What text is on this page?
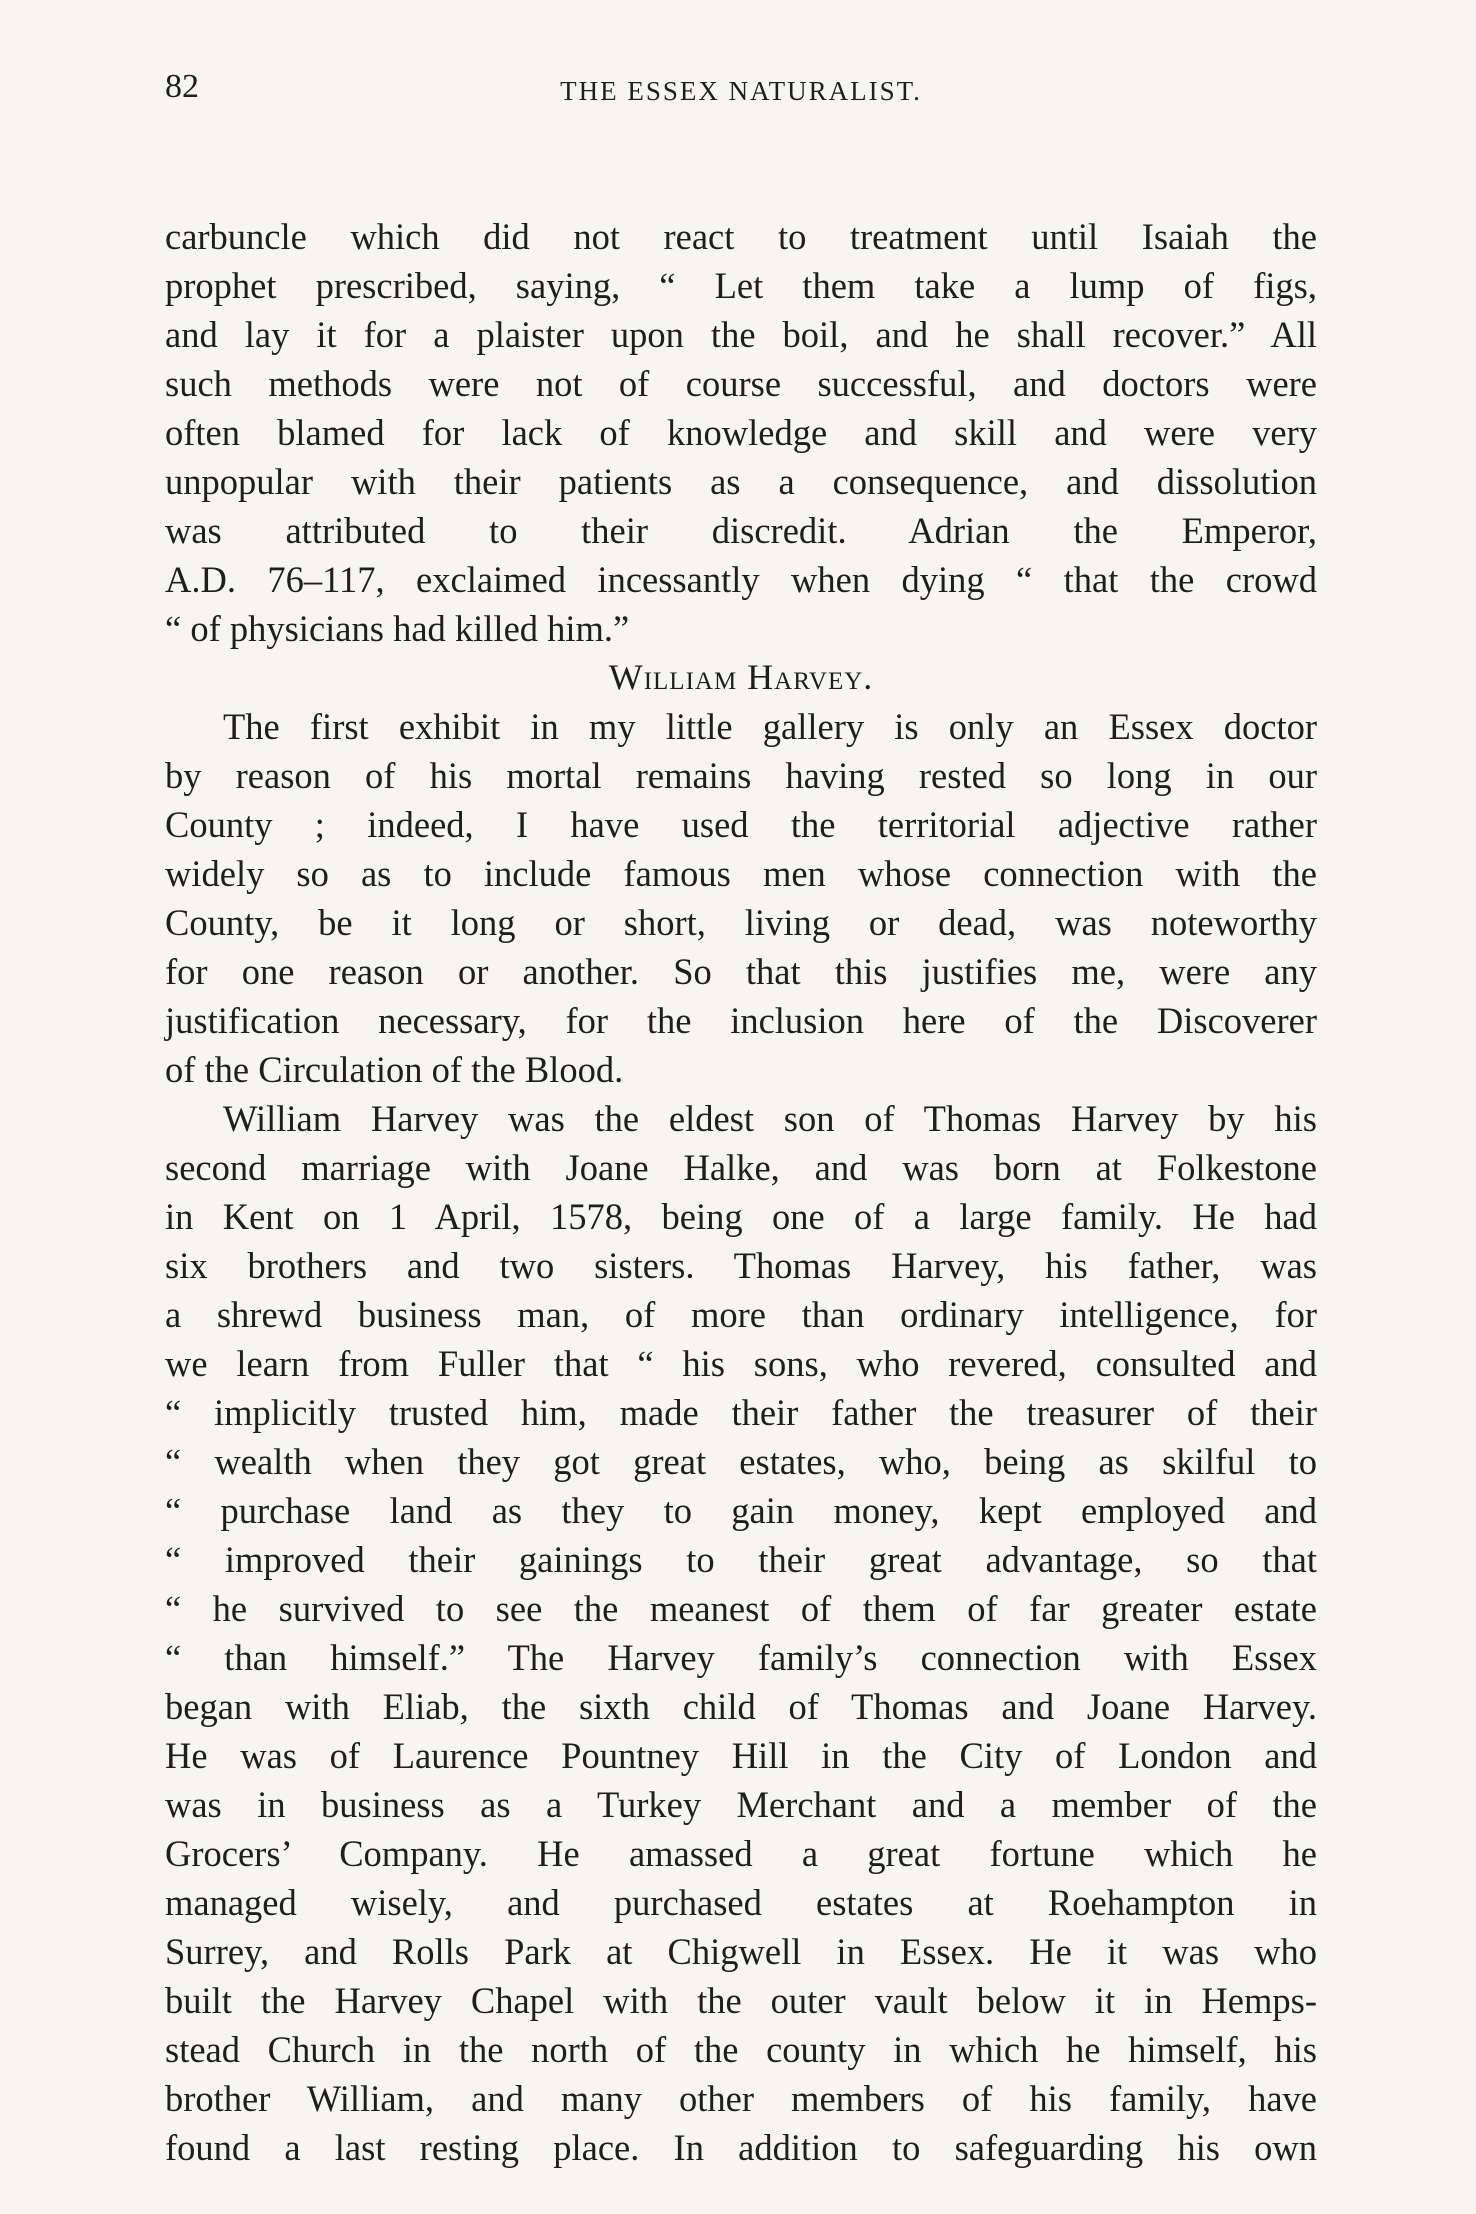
82	THE ESSEX NATURALIST.
carbuncle which did not react to treatment until Isaiah the
prophet prescribed, saying, “ Let them take a lump of figs,
and lay it for a plaister upon the boil, and he shall recover.” All
such methods were not of course successful, and doctors were
often blamed for lack of knowledge and skill and were very
unpopular with their patients as a consequence, and dissolution
was attributed to their discredit. Adrian the Emperor,
A.D. 76–117, exclaimed incessantly when dying “ that the crowd
“ of physicians had killed him.”
William Harvey.
The first exhibit in my little gallery is only an Essex doctor
by reason of his mortal remains having rested so long in our
County ; indeed, I have used the territorial adjective rather
widely so as to include famous men whose connection with the
County, be it long or short, living or dead, was noteworthy
for one reason or another. So that this justifies me, were any
justification necessary, for the inclusion here of the Discoverer
of the Circulation of the Blood.
William Harvey was the eldest son of Thomas Harvey by his
second marriage with Joane Halke, and was born at Folkestone
in Kent on 1 April, 1578, being one of a large family. He had
six brothers and two sisters. Thomas Harvey, his father, was
a shrewd business man, of more than ordinary intelligence, for
we learn from Fuller that “ his sons, who revered, consulted and
“ implicitly trusted him, made their father the treasurer of their
“ wealth when they got great estates, who, being as skilful to
“ purchase land as they to gain money, kept employed and
“ improved their gainings to their great advantage, so that
“ he survived to see the meanest of them of far greater estate
“ than himself.” The Harvey family’s connection with Essex
began with Eliab, the sixth child of Thomas and Joane Harvey.
He was of Laurence Pountney Hill in the City of London and
was in business as a Turkey Merchant and a member of the
Grocers’ Company. He amassed a great fortune which he
managed wisely, and purchased estates at Roehampton in
Surrey, and Rolls Park at Chigwell in Essex. He it was who
built the Harvey Chapel with the outer vault below it in Hemps-
stead Church in the north of the county in which he himself, his
brother William, and many other members of his family, have
found a last resting place. In addition to safeguarding his own
